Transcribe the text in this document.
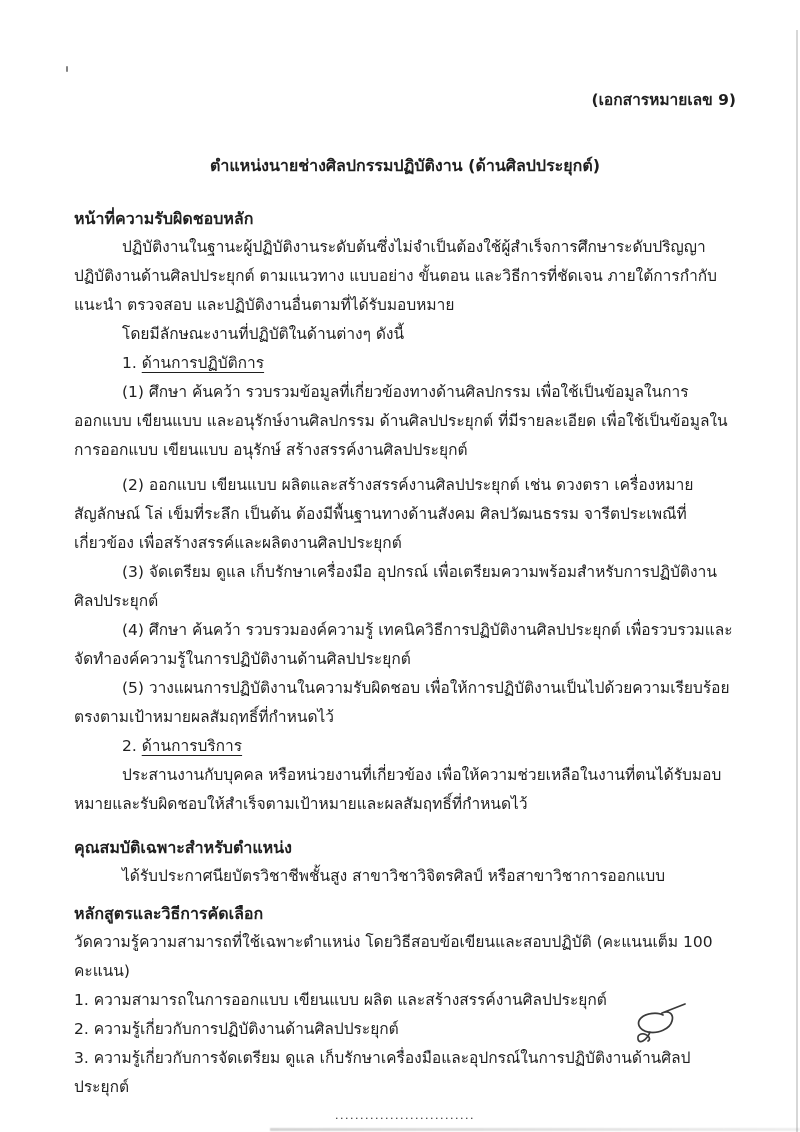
(เอกสารหมายเลข 9)
ตำแหน่งนายช่างศิลปกรรมปฏิบัติงาน (ด้านศิลปประยุกต์)
หน้าที่ความรับผิดชอบหลัก

ปฏิบัติงานในฐานะผู้ปฏิบัติงานระดับต้นซึ่งไม่จำเป็นต้องใช้ผู้สำเร็จการศึกษาระดับปริญญา ปฏิบัติงานด้านศิลปประยุกต์ ตามแนวทาง แบบอย่าง ขั้นตอน และวิธีการที่ชัดเจน ภายใต้การกำกับ แนะนำ ตรวจสอบ และปฏิบัติงานอื่นตามที่ได้รับมอบหมาย

โดยมีลักษณะงานที่ปฏิบัติในด้านต่างๆ ดังนี้

1. ด้านการปฏิบัติการ

(1) ศึกษา ค้นคว้า รวบรวมข้อมูลที่เกี่ยวข้องทางด้านศิลปกรรม เพื่อใช้เป็นข้อมูลในการออกแบบ เขียนแบบ และอนุรักษ์งานศิลปกรรม ด้านศิลปประยุกต์ ที่มีรายละเอียด เพื่อใช้เป็นข้อมูลในการออกแบบ เขียนแบบ อนุรักษ์ สร้างสรรค์งานศิลปประยุกต์

(2) ออกแบบ เขียนแบบ ผลิตและสร้างสรรค์งานศิลปประยุกต์ เช่น ดวงตรา เครื่องหมาย สัญลักษณ์ โล่ เข็มที่ระลึก เป็นต้น ต้องมีพื้นฐานทางด้านสังคม ศิลปวัฒนธรรม จารีตประเพณีที่เกี่ยวข้อง เพื่อสร้างสรรค์และผลิตงานศิลปประยุกต์

(3) จัดเตรียม ดูแล เก็บรักษาเครื่องมือ อุปกรณ์ เพื่อเตรียมความพร้อมสำหรับการปฏิบัติงานศิลปประยุกต์

(4) ศึกษา ค้นคว้า รวบรวมองค์ความรู้ เทคนิควิธีการปฏิบัติงานศิลปประยุกต์ เพื่อรวบรวมและจัดทำองค์ความรู้ในการปฏิบัติงานด้านศิลปประยุกต์

(5) วางแผนการปฏิบัติงานในความรับผิดชอบ เพื่อให้การปฏิบัติงานเป็นไปด้วยความเรียบร้อย ตรงตามเป้าหมายผลสัมฤทธิ์ที่กำหนดไว้

2. ด้านการบริการ

ประสานงานกับบุคคล หรือหน่วยงานที่เกี่ยวข้อง เพื่อให้ความช่วยเหลือในงานที่ตนได้รับมอบหมายและรับผิดชอบให้สำเร็จตามเป้าหมายและผลสัมฤทธิ์ที่กำหนดไว้

คุณสมบัติเฉพาะสำหรับตำแหน่ง

ได้รับประกาศนียบัตรวิชาชีพชั้นสูง สาขาวิชาวิจิตรศิลป์ หรือสาขาวิชาการออกแบบ

หลักสูตรและวิธีการคัดเลือก

วัดความรู้ความสามารถที่ใช้เฉพาะตำแหน่ง โดยวิธีสอบข้อเขียนและสอบปฏิบัติ (คะแนนเต็ม 100 คะแนน)

1. ความสามารถในการออกแบบ เขียนแบบ ผลิต และสร้างสรรค์งานศิลปประยุกต์

2. ความรู้เกี่ยวกับการปฏิบัติงานด้านศิลปประยุกต์

3. ความรู้เกี่ยวกับการจัดเตรียม ดูแล เก็บรักษาเครื่องมือและอุปกรณ์ในการปฏิบัติงานด้านศิลปประยุกต์

............................
